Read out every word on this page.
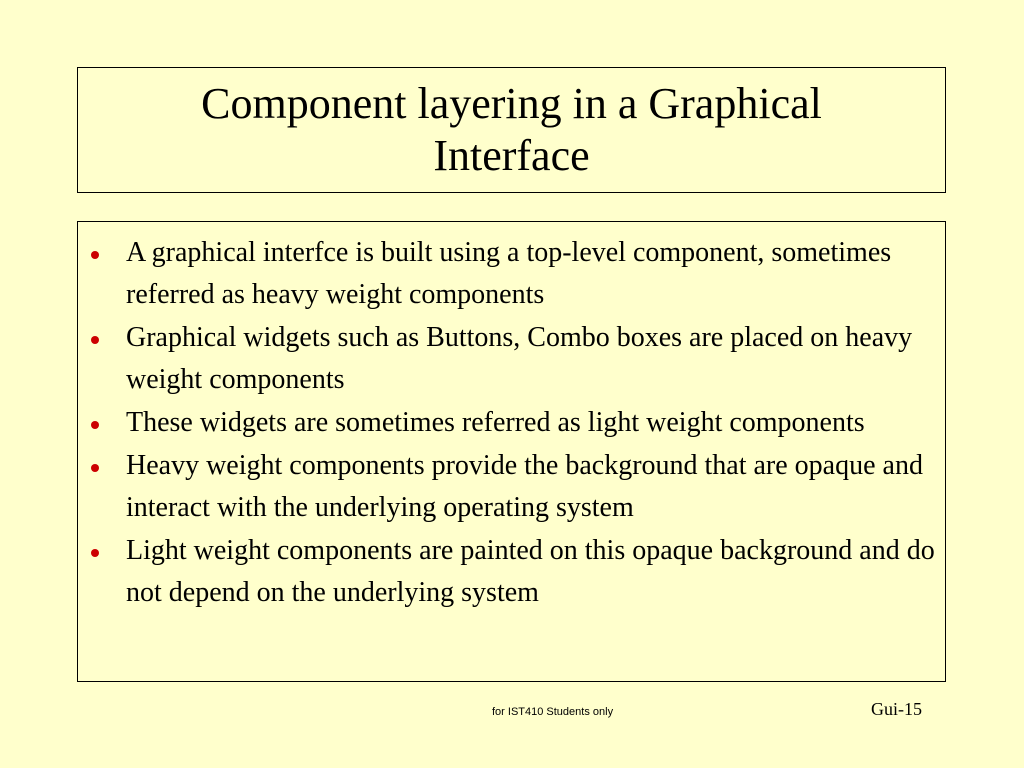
Component layering in a Graphical Interface
A graphical interfce is built using a top-level component, sometimes referred as heavy weight components
Graphical widgets such as Buttons, Combo boxes are placed on heavy weight components
These widgets are sometimes referred as light weight components
Heavy weight components provide the background that are opaque and interact with the underlying operating system
Light weight components are painted on this opaque background and do not depend on the underlying system
for IST410 Students only	Gui-15
